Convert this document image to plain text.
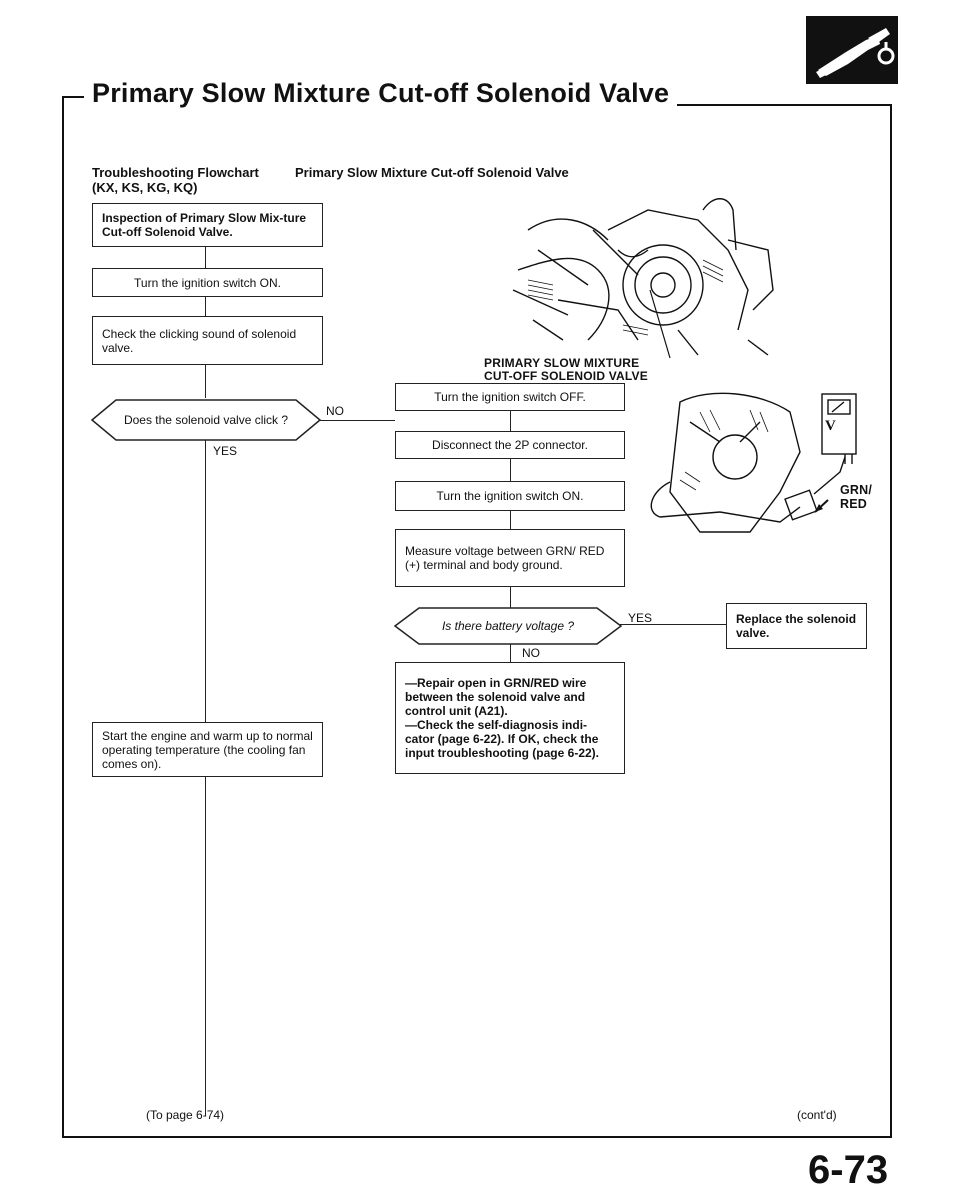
Primary Slow Mixture Cut-off Solenoid Valve
Troubleshooting Flowchart
(KX, KS, KG, KQ)
Primary Slow Mixture Cut-off Solenoid Valve
Inspection of Primary Slow Mix-ture Cut-off Solenoid Valve.
Turn the ignition switch ON.
Check the clicking sound of solenoid valve.
Start the engine and warm up to normal operating temperature (the cooling fan comes on).
Does the solenoid valve click ?
NO
YES
Turn the ignition switch OFF.
Disconnect the 2P connector.
Turn the ignition switch ON.
Measure voltage between GRN/ RED (+) terminal and body ground.
Is there battery voltage ?
YES
NO
Replace the solenoid valve.
—Repair open in GRN/RED wire between the solenoid valve and control unit (A21).
—Check the self-diagnosis indi-cator (page 6-22). If OK, check the input troubleshooting (page 6-22).
PRIMARY SLOW MIXTURE
CUT-OFF SOLENOID VALVE
V
GRN/
RED
(To page 6-74)	(cont'd)
6-73
